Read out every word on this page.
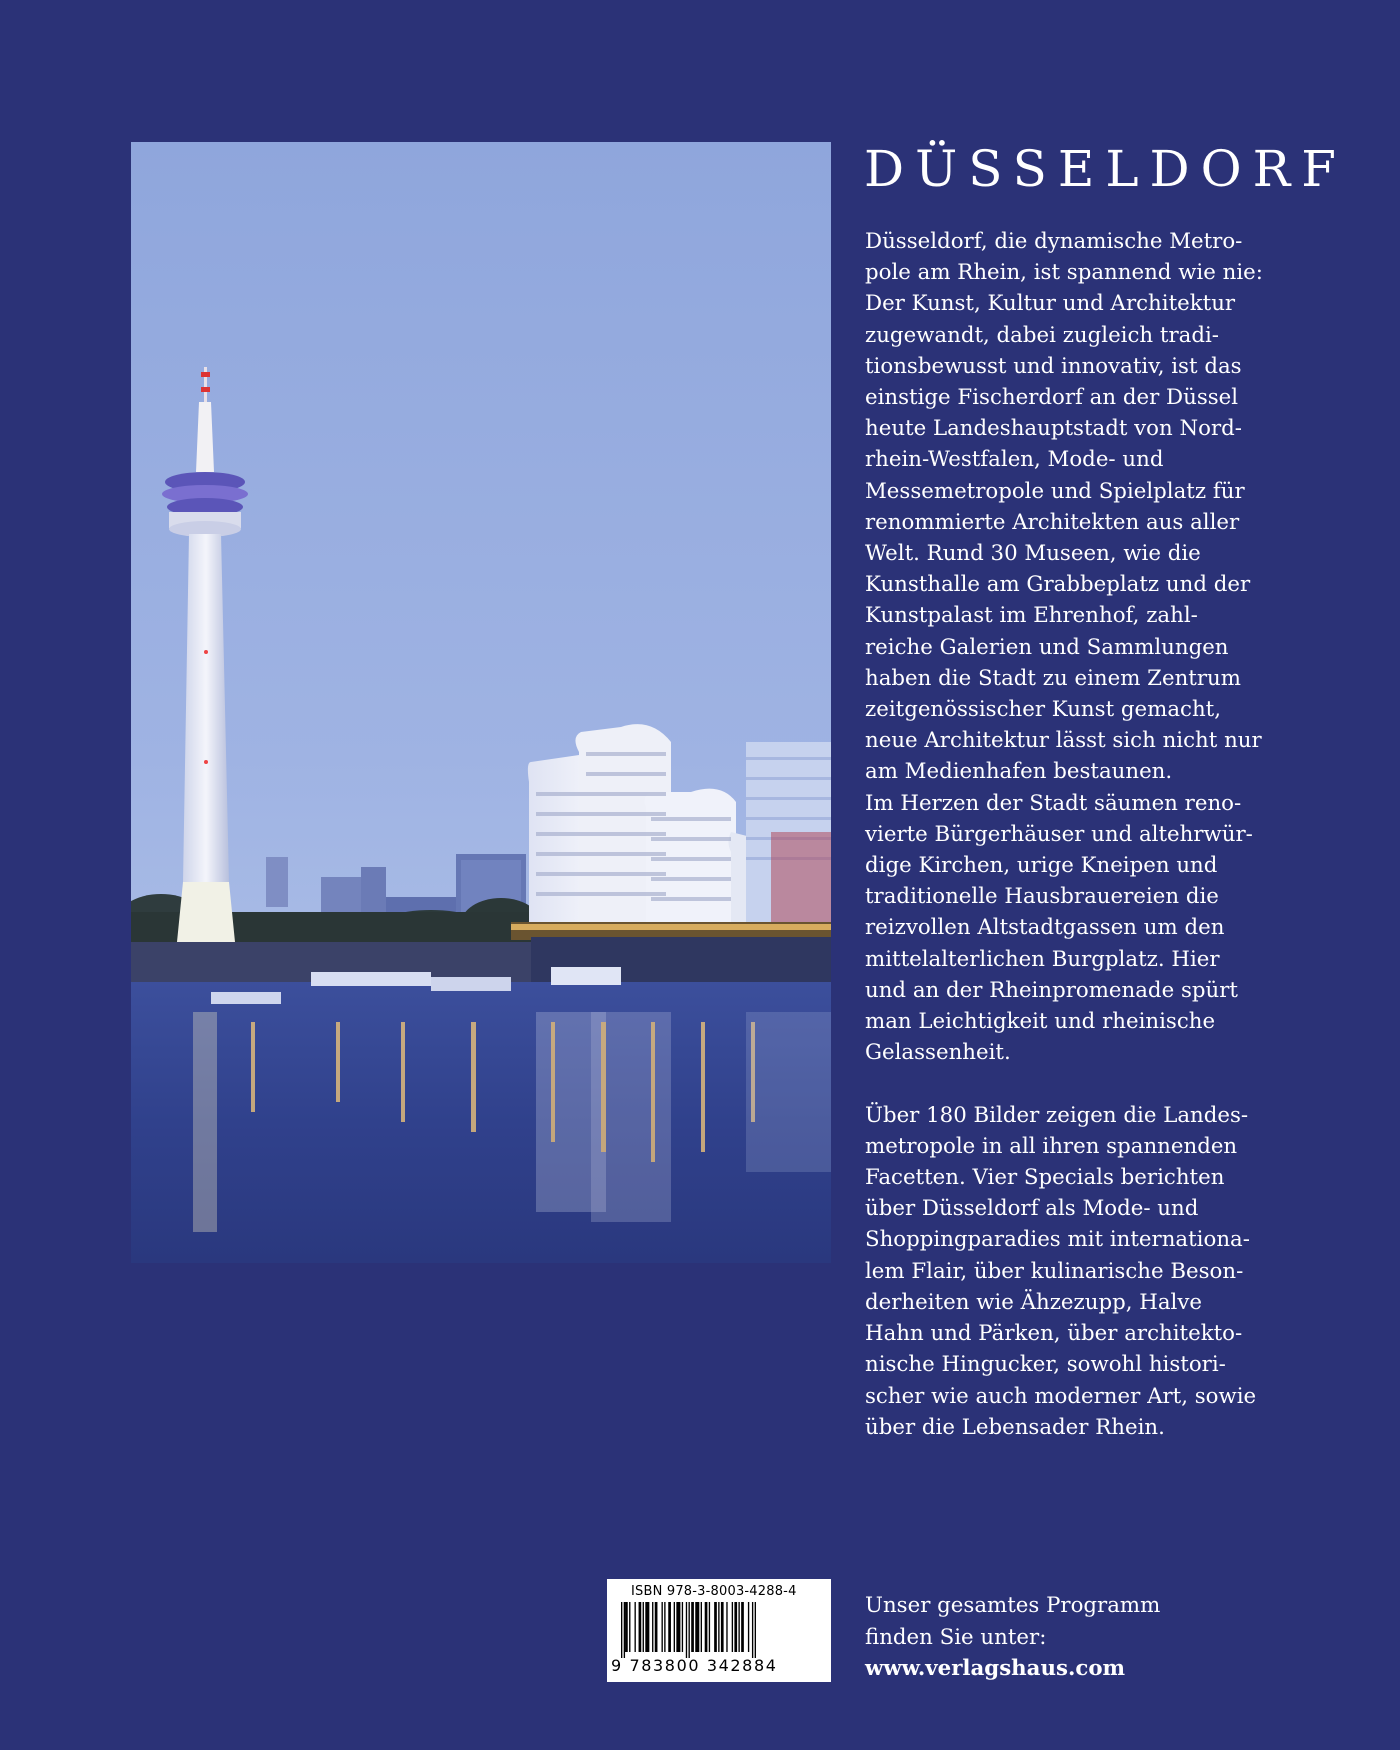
DÜSSELDORF
Düsseldorf, die dynamische Metro-
pole am Rhein, ist spannend wie nie:
Der Kunst, Kultur und Architektur
zugewandt, dabei zugleich tradi-
tionsbewusst und innovativ, ist das
einstige Fischerdorf an der Düssel
heute Landeshauptstadt von Nord-
rhein-Westfalen, Mode- und
Messemetropole und Spielplatz für
renommierte Architekten aus aller
Welt. Rund 30 Museen, wie die
Kunsthalle am Grabbeplatz und der
Kunstpalast im Ehrenhof, zahl-
reiche Galerien und Sammlungen
haben die Stadt zu einem Zentrum
zeitgenössischer Kunst gemacht,
neue Architektur lässt sich nicht nur
am Medienhafen bestaunen.
Im Herzen der Stadt säumen reno-
vierte Bürgerhäuser und altehrwür-
dige Kirchen, urige Kneipen und
traditionelle Hausbrauereien die
reizvollen Altstadtgassen um den
mittelalterlichen Burgplatz. Hier
und an der Rheinpromenade spürt
man Leichtigkeit und rheinische
Gelassenheit.
Über 180 Bilder zeigen die Landes-
metropole in all ihren spannenden
Facetten. Vier Specials berichten
über Düsseldorf als Mode- und
Shoppingparadies mit internationa-
lem Flair, über kulinarische Beson-
derheiten wie Ähzezupp, Halve
Hahn und Pärken, über architekto-
nische Hingucker, sowohl histori-
scher wie auch moderner Art, sowie
über die Lebensader Rhein.
ISBN 978-3-8003-4288-4
9 783800 342884
Unser gesamtes Programm
finden Sie unter:
www.verlagshaus.com
